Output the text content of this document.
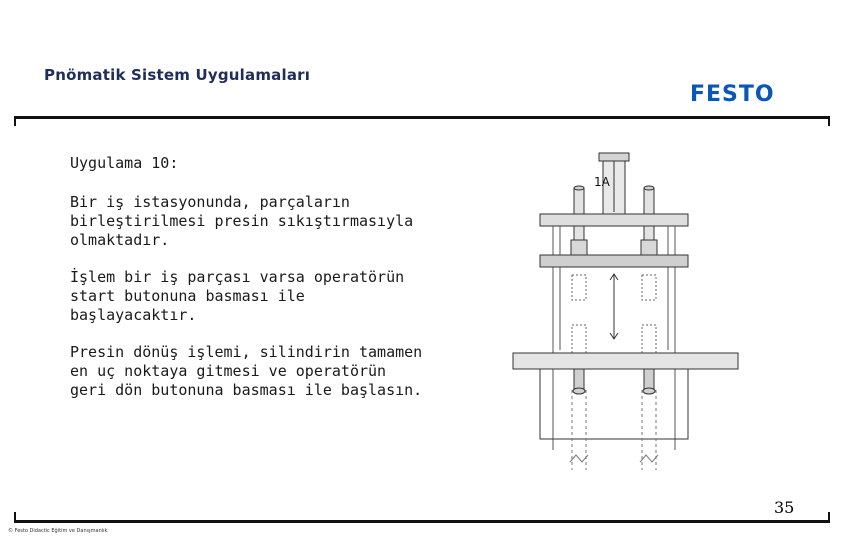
Pnömatik Sistem Uygulamaları
FESTO

Uygulama 10:

Bir iş istasyonunda, parçaların birleştirilmesi presin sıkıştırmasıyla olmaktadır.

İşlem bir iş parçası varsa operatörün start butonuna basması ile başlayacaktır.

Presin dönüş işlemi, silindirin tamamen en uç noktaya gitmesi ve operatörün geri dön butonuna basması ile başlasın.

1A
35
© Festo Didactic Eğitim ve Danışmanlık
